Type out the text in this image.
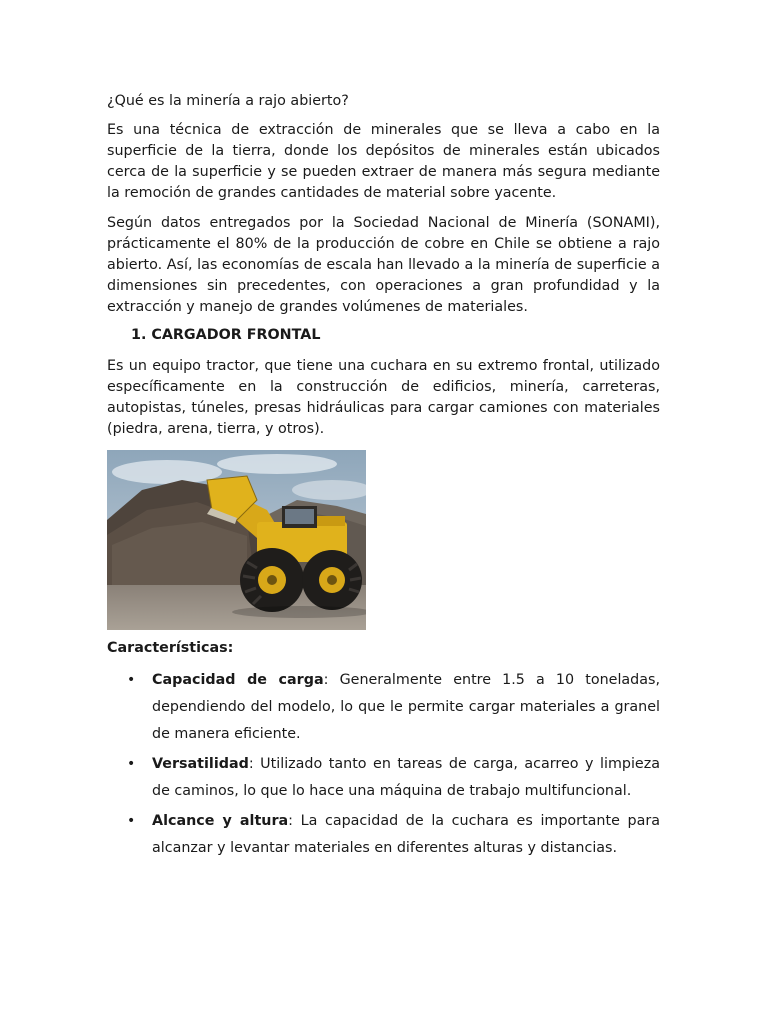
¿Qué es la minería a rajo abierto?

Es una técnica de extracción de minerales que se lleva a cabo en la superficie de la tierra, donde los depósitos de minerales están ubicados cerca de la superficie y se pueden extraer de manera más segura mediante la remoción de grandes cantidades de material sobre yacente.

Según datos entregados por la Sociedad Nacional de Minería (SONAMI), prácticamente el 80% de la producción de cobre en Chile se obtiene a rajo abierto. Así, las economías de escala han llevado a la minería de superficie a dimensiones sin precedentes, con operaciones a gran profundidad y la extracción y manejo de grandes volúmenes de materiales.

1. CARGADOR FRONTAL

Es un equipo tractor, que tiene una cuchara en su extremo frontal, utilizado específicamente en la construcción de edificios, minería, carreteras, autopistas, túneles, presas hidráulicas para cargar camiones con materiales (piedra, arena, tierra, y otros).

Características:

• Capacidad de carga: Generalmente entre 1.5 a 10 toneladas, dependiendo del modelo, lo que le permite cargar materiales a granel de manera eficiente.

• Versatilidad: Utilizado tanto en tareas de carga, acarreo y limpieza de caminos, lo que lo hace una máquina de trabajo multifuncional.

• Alcance y altura: La capacidad de la cuchara es importante para alcanzar y levantar materiales en diferentes alturas y distancias.
